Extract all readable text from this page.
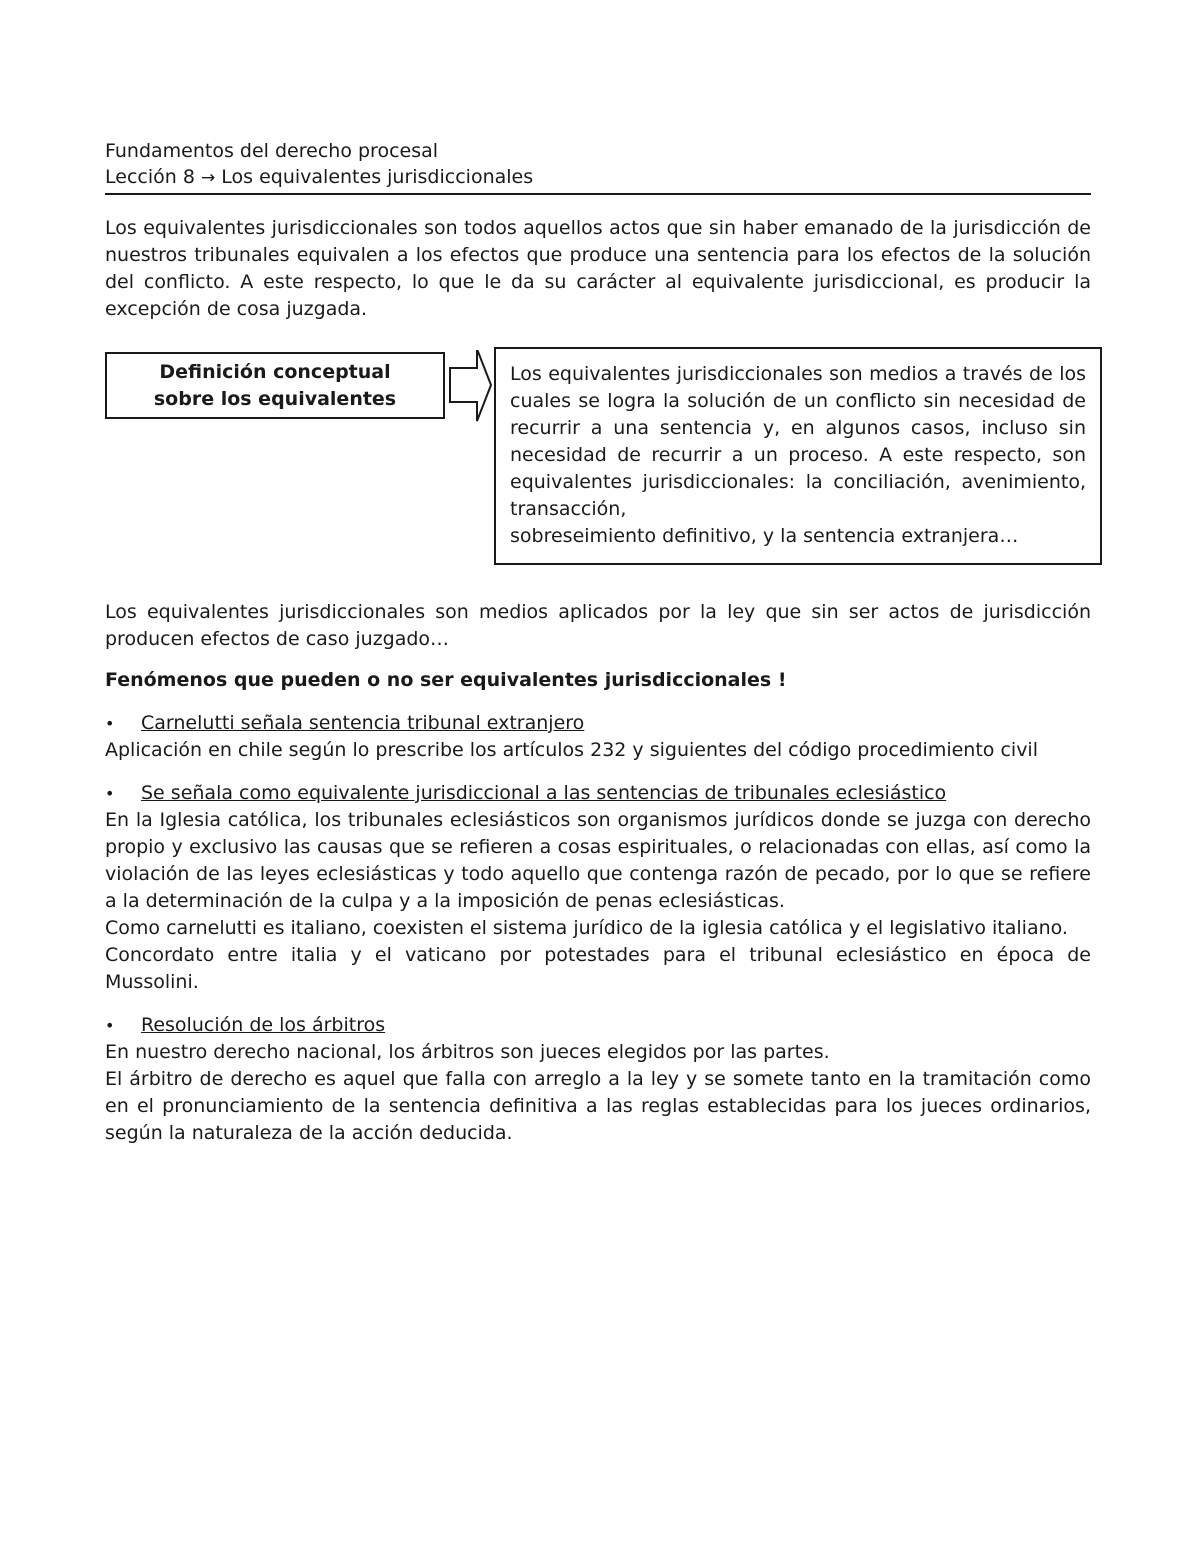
Fundamentos del derecho procesal

Lección 8 → Los equivalentes jurisdiccionales

Los equivalentes jurisdiccionales son todos aquellos actos que sin haber emanado de la jurisdicción de nuestros tribunales equivalen a los efectos que produce una sentencia para los efectos de la solución del conflicto. A este respecto, lo que le da su carácter al equivalente jurisdiccional, es producir la excepción de cosa juzgada.

Definición conceptual
sobre los equivalentes

Los equivalentes jurisdiccionales son medios a través de los cuales se logra la solución de un conflicto sin necesidad de recurrir a una sentencia y, en algunos casos, incluso sin necesidad de recurrir a un proceso. A este respecto, son equivalentes jurisdiccionales: la conciliación, avenimiento, transacción,

sobreseimiento definitivo, y la sentencia extranjera…

Los equivalentes jurisdiccionales son medios aplicados por la ley que sin ser actos de jurisdicción producen efectos de caso juzgado…

Fenómenos que pueden o no ser equivalentes jurisdiccionales !
•	Carnelutti señala sentencia tribunal extranjero

Aplicación en chile según lo prescribe los artículos 232 y siguientes del código procedimiento civil

•	Se señala como equivalente jurisdiccional a las sentencias de tribunales eclesiástico

En la Iglesia católica, los tribunales eclesiásticos son organismos jurídicos donde se juzga con derecho propio y exclusivo las causas que se refieren a cosas espirituales, o relacionadas con ellas, así como la violación de las leyes eclesiásticas y todo aquello que contenga razón de pecado, por lo que se refiere a la determinación de la culpa y a la imposición de penas eclesiásticas.

Como carnelutti es italiano, coexisten el sistema jurídico de la iglesia católica y el legislativo italiano.

Concordato entre italia y el vaticano por potestades para el tribunal eclesiástico en época de Mussolini.

•	Resolución de los árbitros

En nuestro derecho nacional, los árbitros son jueces elegidos por las partes.

El árbitro de derecho es aquel que falla con arreglo a la ley y se somete tanto en la tramitación como en el pronunciamiento de la sentencia definitiva a las reglas establecidas para los jueces ordinarios, según la naturaleza de la acción deducida.
